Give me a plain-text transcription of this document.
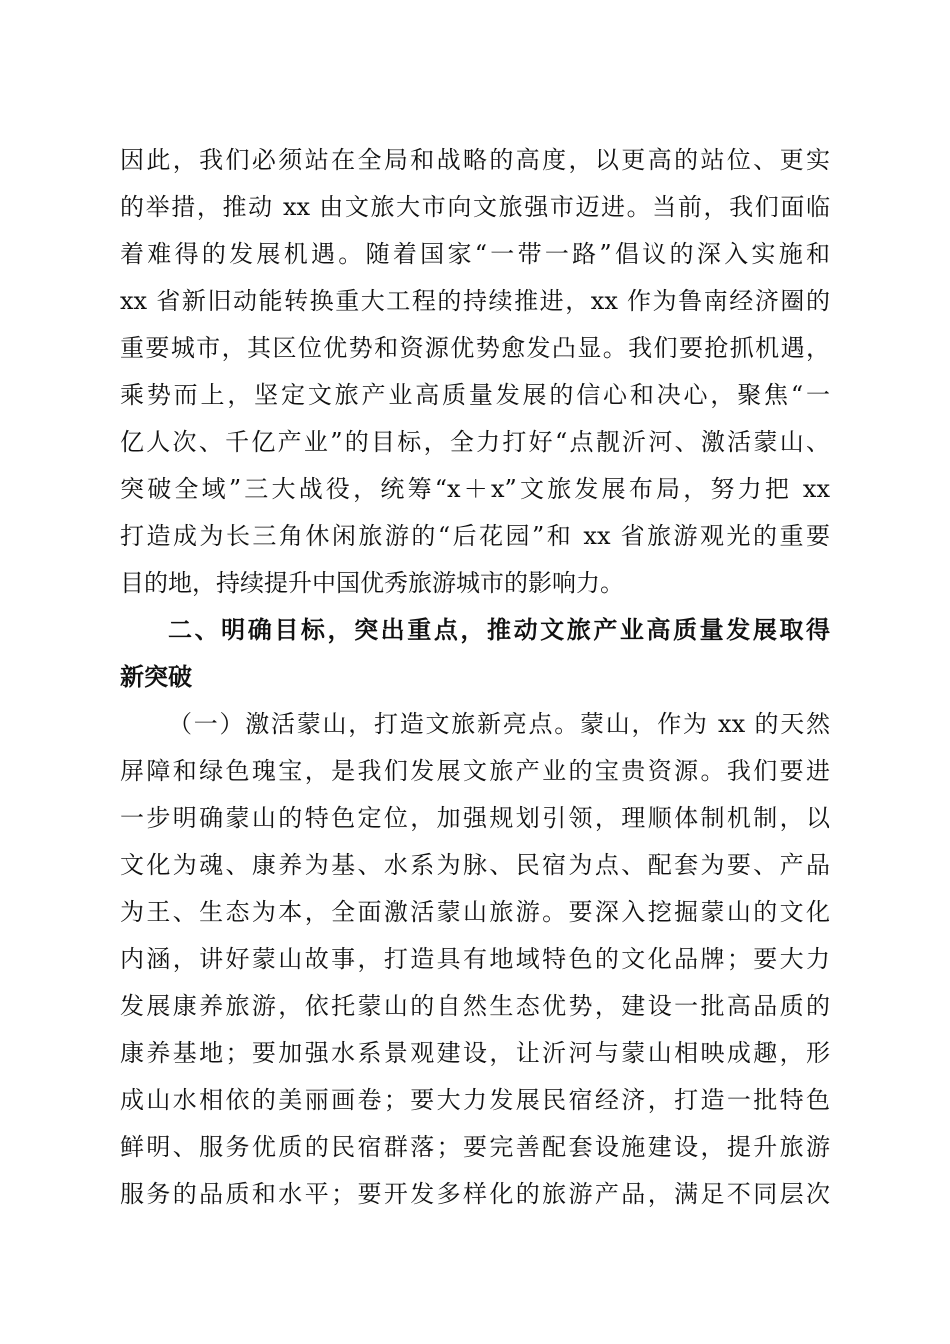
因此，我们必须站在全局和战略的高度，以更高的站位、更实
的举措，推动 xx 由文旅大市向文旅强市迈进。当前，我们面临
着难得的发展机遇。随着国家“一带一路”倡议的深入实施和
xx 省新旧动能转换重大工程的持续推进，xx 作为鲁南经济圈的
重要城市，其区位优势和资源优势愈发凸显。我们要抢抓机遇，
乘势而上，坚定文旅产业高质量发展的信心和决心，聚焦“一
亿人次、千亿产业”的目标，全力打好“点靓沂河、激活蒙山、
突破全域”三大战役，统筹“x＋x”文旅发展布局，努力把 xx
打造成为长三角休闲旅游的“后花园”和 xx 省旅游观光的重要
目的地，持续提升中国优秀旅游城市的影响力。
二、明确目标，突出重点，推动文旅产业高质量发展取得
新突破
（一）激活蒙山，打造文旅新亮点。蒙山，作为 xx 的天然
屏障和绿色瑰宝，是我们发展文旅产业的宝贵资源。我们要进
一步明确蒙山的特色定位，加强规划引领，理顺体制机制，以
文化为魂、康养为基、水系为脉、民宿为点、配套为要、产品
为王、生态为本，全面激活蒙山旅游。要深入挖掘蒙山的文化
内涵，讲好蒙山故事，打造具有地域特色的文化品牌；要大力
发展康养旅游，依托蒙山的自然生态优势，建设一批高品质的
康养基地；要加强水系景观建设，让沂河与蒙山相映成趣，形
成山水相依的美丽画卷；要大力发展民宿经济，打造一批特色
鲜明、服务优质的民宿群落；要完善配套设施建设，提升旅游
服务的品质和水平；要开发多样化的旅游产品，满足不同层次
